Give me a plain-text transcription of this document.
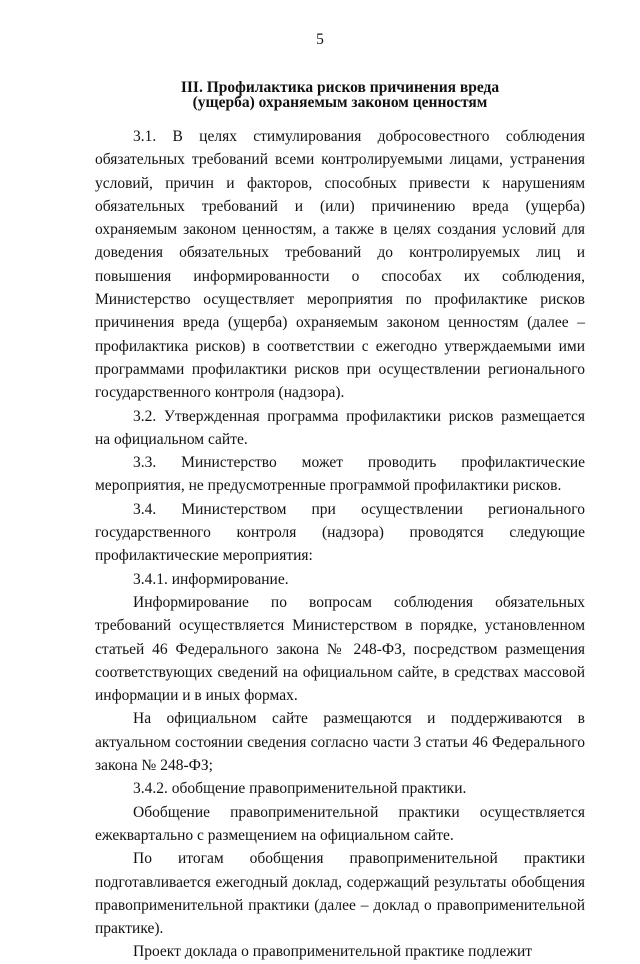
5
III. Профилактика рисков причинения вреда
(ущерба) охраняемым законом ценностям

3.1. В целях стимулирования добросовестного соблюдения обязательных требований всеми контролируемыми лицами, устранения условий, причин и факторов, способных привести к нарушениям обязательных требований и (или) причинению вреда (ущерба) охраняемым законом ценностям, а также в целях создания условий для доведения обязательных требований до контролируемых лиц и повышения информированности о способах их соблюдения, Министерство осуществляет мероприятия по профилактике рисков причинения вреда (ущерба) охраняемым законом ценностям (далее – профилактика рисков) в соответствии с ежегодно утверждаемыми ими программами профилактики рисков при осуществлении регионального государственного контроля (надзора).

3.2. Утвержденная программа профилактики рисков размещается на официальном сайте.

3.3. Министерство может проводить профилактические мероприятия, не предусмотренные программой профилактики рисков.

3.4. Министерством при осуществлении регионального государственного контроля (надзора) проводятся следующие профилактические мероприятия:

3.4.1. информирование.

Информирование по вопросам соблюдения обязательных требований осуществляется Министерством в порядке, установленном статьей 46 Федерального закона № 248-ФЗ, посредством размещения соответствующих сведений на официальном сайте, в средствах массовой информации и в иных формах.

На официальном сайте размещаются и поддерживаются в актуальном состоянии сведения согласно части 3 статьи 46 Федерального закона № 248-ФЗ;

3.4.2. обобщение правоприменительной практики.

Обобщение правоприменительной практики осуществляется ежеквартально с размещением на официальном сайте.

По итогам обобщения правоприменительной практики подготавливается ежегодный доклад, содержащий результаты обобщения правоприменительной практики (далее – доклад о правоприменительной практике).

Проект доклада о правоприменительной практике подлежит
